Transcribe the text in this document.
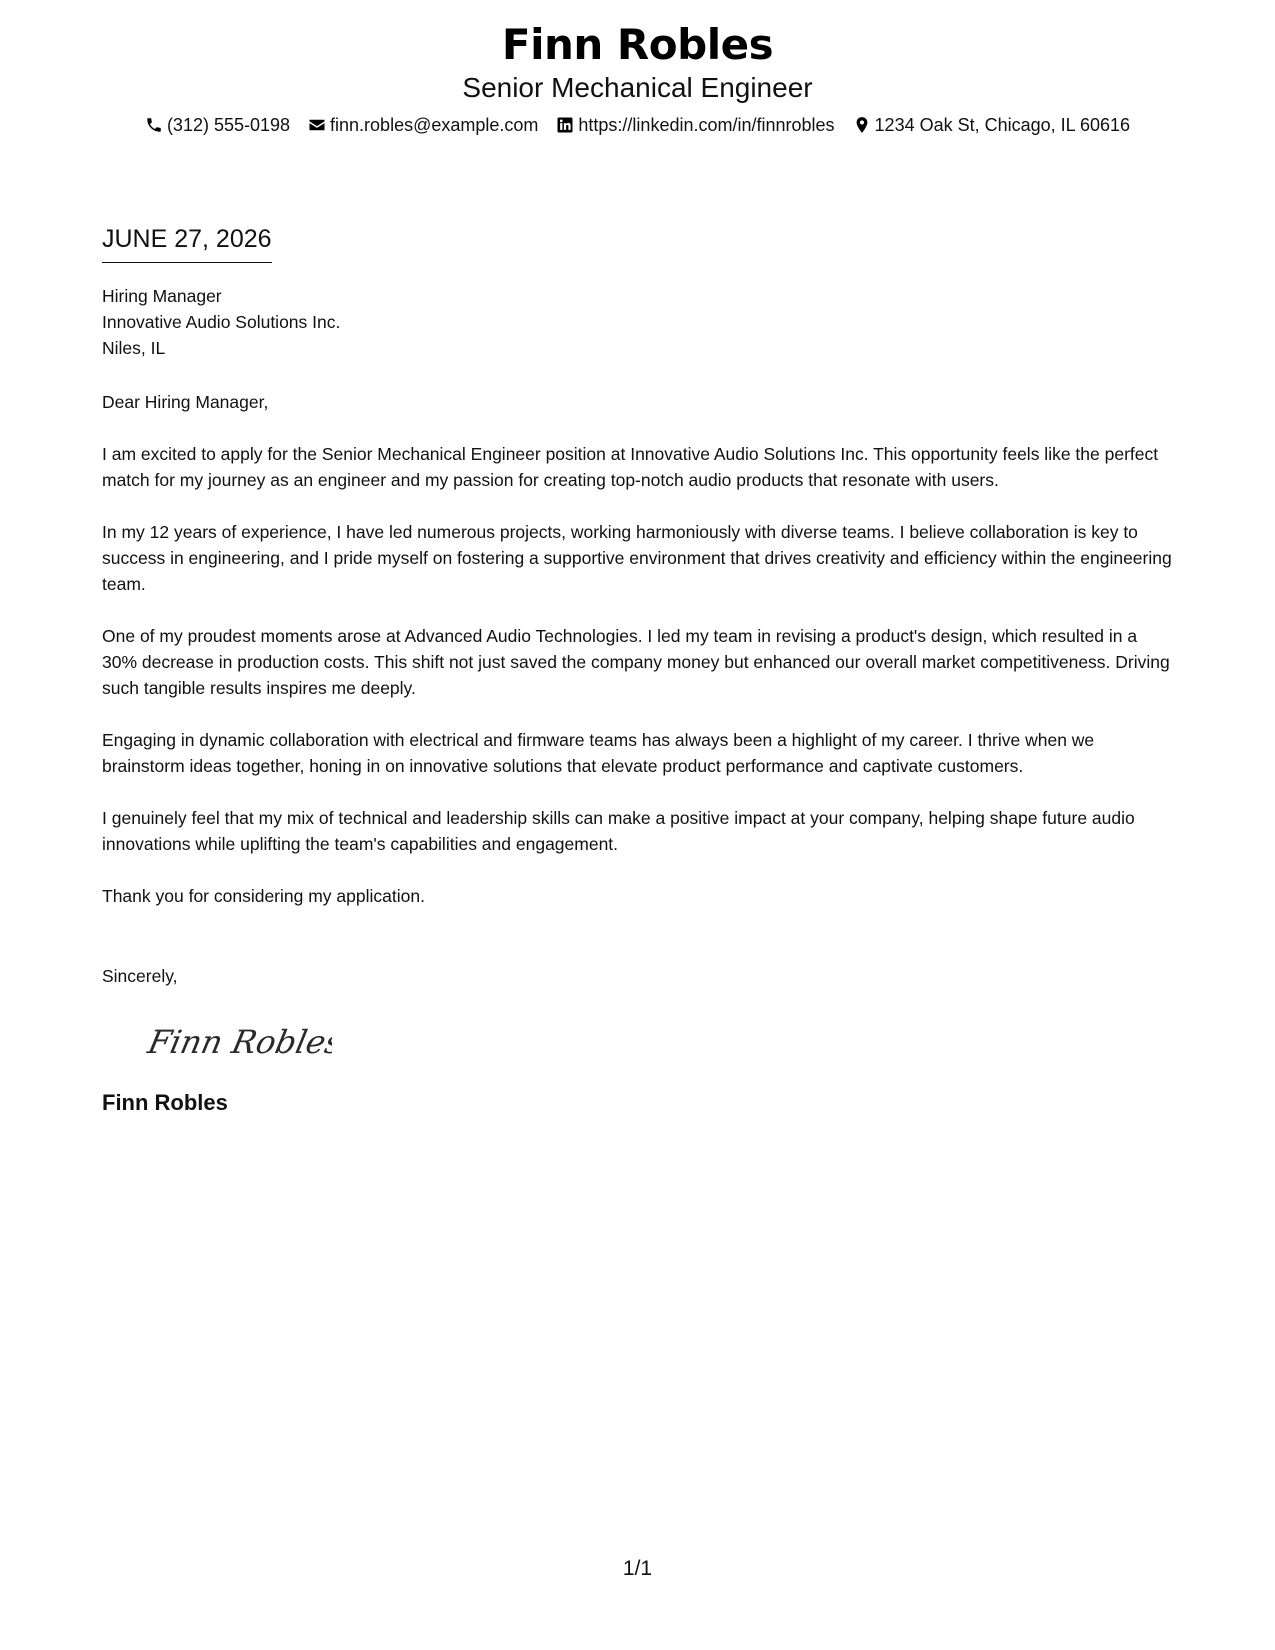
Finn Robles
Senior Mechanical Engineer
(312) 555-0198 finn.robles@example.com https://linkedin.com/in/finnrobles 1234 Oak St, Chicago, IL 60616
JUNE 27, 2026
Hiring Manager
Innovative Audio Solutions Inc.
Niles, IL
Dear Hiring Manager,
I am excited to apply for the Senior Mechanical Engineer position at Innovative Audio Solutions Inc. This opportunity feels like the perfect match for my journey as an engineer and my passion for creating top-notch audio products that resonate with users.
In my 12 years of experience, I have led numerous projects, working harmoniously with diverse teams. I believe collaboration is key to success in engineering, and I pride myself on fostering a supportive environment that drives creativity and efficiency within the engineering team.
One of my proudest moments arose at Advanced Audio Technologies. I led my team in revising a product's design, which resulted in a 30% decrease in production costs. This shift not just saved the company money but enhanced our overall market competitiveness. Driving such tangible results inspires me deeply.
Engaging in dynamic collaboration with electrical and firmware teams has always been a highlight of my career. I thrive when we brainstorm ideas together, honing in on innovative solutions that elevate product performance and captivate customers.
I genuinely feel that my mix of technical and leadership skills can make a positive impact at your company, helping shape future audio innovations while uplifting the team's capabilities and engagement.
Thank you for considering my application.
Sincerely,
Finn Robles
Finn Robles
1/1
